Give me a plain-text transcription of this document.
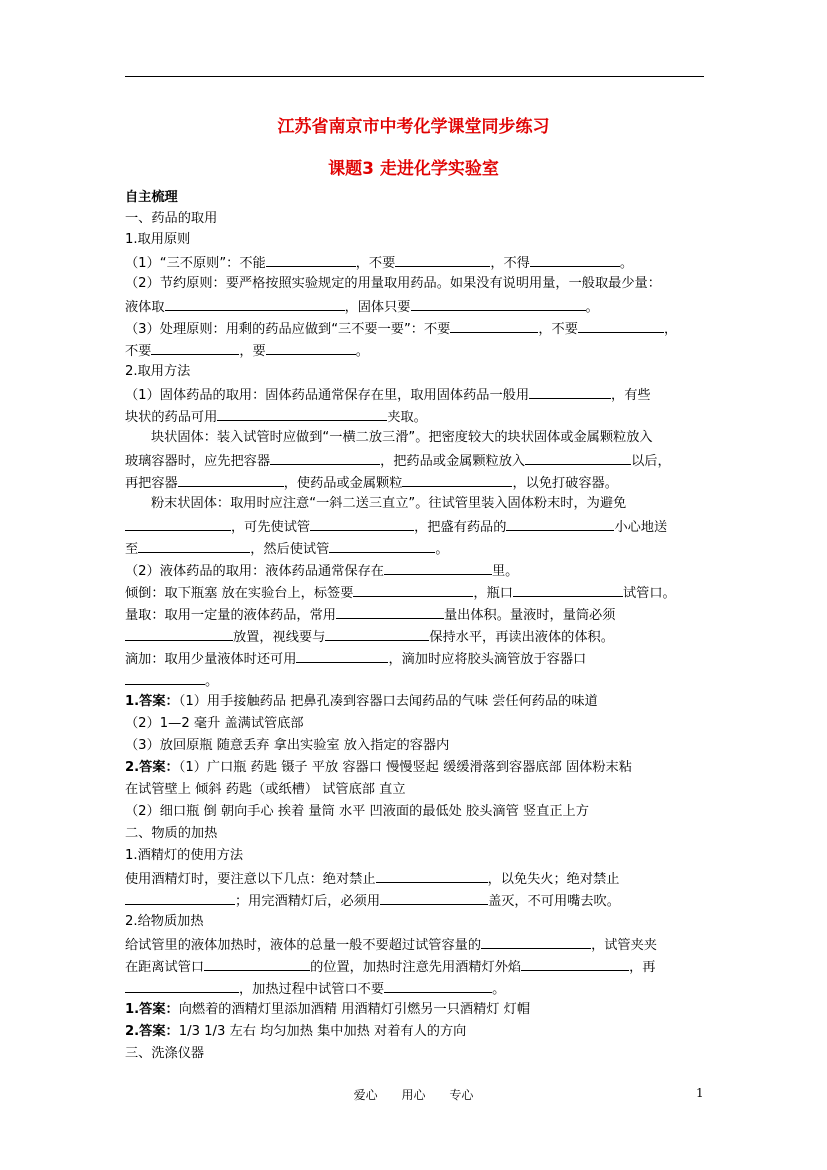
江苏省南京市中考化学课堂同步练习
课题3 走进化学实验室
自主梳理
一、药品的取用
1.取用原则
（1）“三不原则”：不能	，不要	，不得	。
（2）节约原则：要严格按照实验规定的用量取用药品。如果没有说明用量，一般取最少量：
液体取	，固体只要	。
（3）处理原则：用剩的药品应做到“三不要一要”：不要	，不要	，
不要	，要	。
2.取用方法
（1）固体药品的取用：固体药品通常保存在里，取用固体药品一般用	，有些
块状的药品可用	夹取。
块状固体：装入试管时应做到“一横二放三滑”。把密度较大的块状固体或金属颗粒放入
玻璃容器时，应先把容器	，把药品或金属颗粒放入	以后，
再把容器	，使药品或金属颗粒	，以免打破容器。
粉末状固体：取用时应注意“一斜二送三直立”。往试管里装入固体粉末时，为避免
，可先使试管	，把盛有药品的	小心地送
至	，然后使试管	。
（2）液体药品的取用：液体药品通常保存在	里。
倾倒：取下瓶塞 放在实验台上，标签要	，瓶口	试管口。
量取：取用一定量的液体药品，常用	量出体积。量液时，量筒必须
放置，视线要与	保持水平，再读出液体的体积。
滴加：取用少量液体时还可用	，滴加时应将胶头滴管放于容器口
。
1.答案：（1）用手接触药品 把鼻孔凑到容器口去闻药品的气味 尝任何药品的味道
（2）1—2 毫升 盖满试管底部
（3）放回原瓶 随意丢弃 拿出实验室 放入指定的容器内
2.答案：（1）广口瓶 药匙 镊子 平放 容器口 慢慢竖起 缓缓滑落到容器底部 固体粉末粘
在试管壁上 倾斜 药匙（或纸槽） 试管底部 直立
（2）细口瓶 倒 朝向手心 挨着 量筒 水平 凹液面的最低处 胶头滴管 竖直正上方
二、物质的加热
1.酒精灯的使用方法
使用酒精灯时，要注意以下几点：绝对禁止	，以免失火；绝对禁止
；用完酒精灯后，必须用	盖灭，不可用嘴去吹。
2.给物质加热
给试管里的液体加热时，液体的总量一般不要超过试管容量的	，试管夹夹
在距离试管口	的位置，加热时注意先用酒精灯外焰	，再
，加热过程中试管口不要	。
1.答案：向燃着的酒精灯里添加酒精 用酒精灯引燃另一只酒精灯 灯帽
2.答案：1/3 1/3 左右 均匀加热 集中加热 对着有人的方向
三、洗涤仪器
爱心 用心 专心	1
